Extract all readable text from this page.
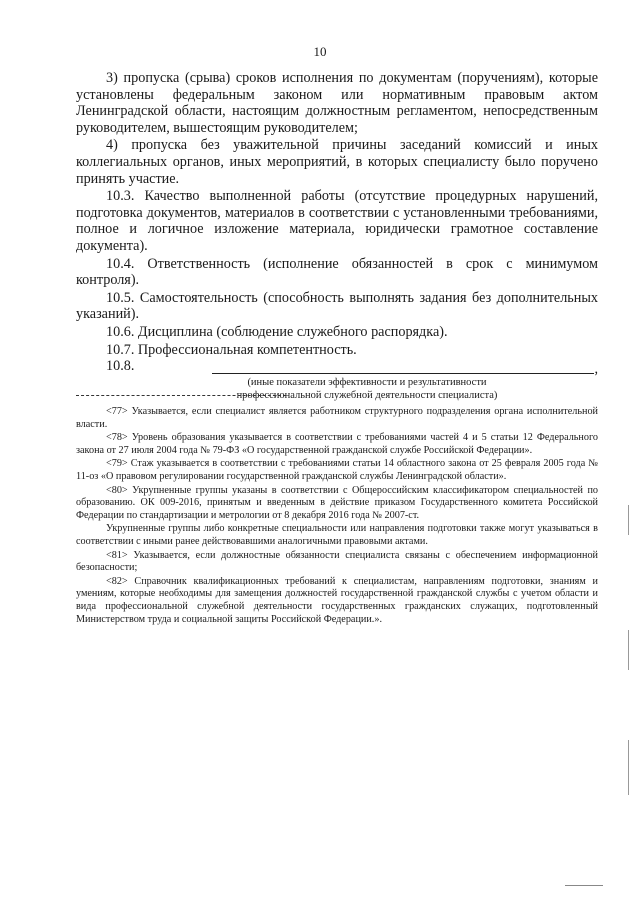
10

3) пропуска (срыва) сроков исполнения по документам (поручениям), которые установлены федеральным законом или нормативным правовым актом Ленинградской области, настоящим должностным регламентом, непосредственным руководителем, вышестоящим руководителем;

4) пропуска без уважительной причины заседаний комиссий и иных коллегиальных органов, иных мероприятий, в которых специалисту было поручено принять участие.

10.3. Качество выполненной работы (отсутствие процедурных нарушений, подготовка документов, материалов в соответствии с установленными требованиями, полное и логичное изложение материала, юридически грамотное составление документа).

10.4. Ответственность (исполнение обязанностей в срок с минимумом контроля).

10.5. Самостоятельность (способность выполнять задания без дополнительных указаний).

10.6. Дисциплина (соблюдение служебного распорядка).

10.7. Профессиональная компетентность.

10.8.	,
(иные показатели эффективности и результативности
профессиональной служебной деятельности специалиста)

<77> Указывается, если специалист является работником структурного подразделения органа исполнительной власти.

<78> Уровень образования указывается в соответствии с требованиями частей 4 и 5 статьи 12 Федерального закона от 27 июля 2004 года № 79-ФЗ «О государственной гражданской службе Российской Федерации».

<79> Стаж указывается в соответствии с требованиями статьи 14 областного закона от 25 февраля 2005 года № 11-оз «О правовом регулировании государственной гражданской службы Ленинградской области».

<80> Укрупненные группы указаны в соответствии с Общероссийским классификатором специальностей по образованию. ОК 009-2016, принятым и введенным в действие приказом Государственного комитета Российской Федерации по стандартизации и метрологии от 8 декабря 2016 года № 2007-ст.

Укрупненные группы либо конкретные специальности или направления подготовки также могут указываться в соответствии с иными ранее действовавшими аналогичными правовыми актами.

<81> Указывается, если должностные обязанности специалиста связаны с обеспечением информационной безопасности;

<82> Справочник квалификационных требований к специалистам, направлениям подготовки, знаниям и умениям, которые необходимы для замещения должностей государственной гражданской службы с учетом области и вида профессиональной служебной деятельности государственных гражданских служащих, подготовленный Министерством труда и социальной защиты Российской Федерации.».
